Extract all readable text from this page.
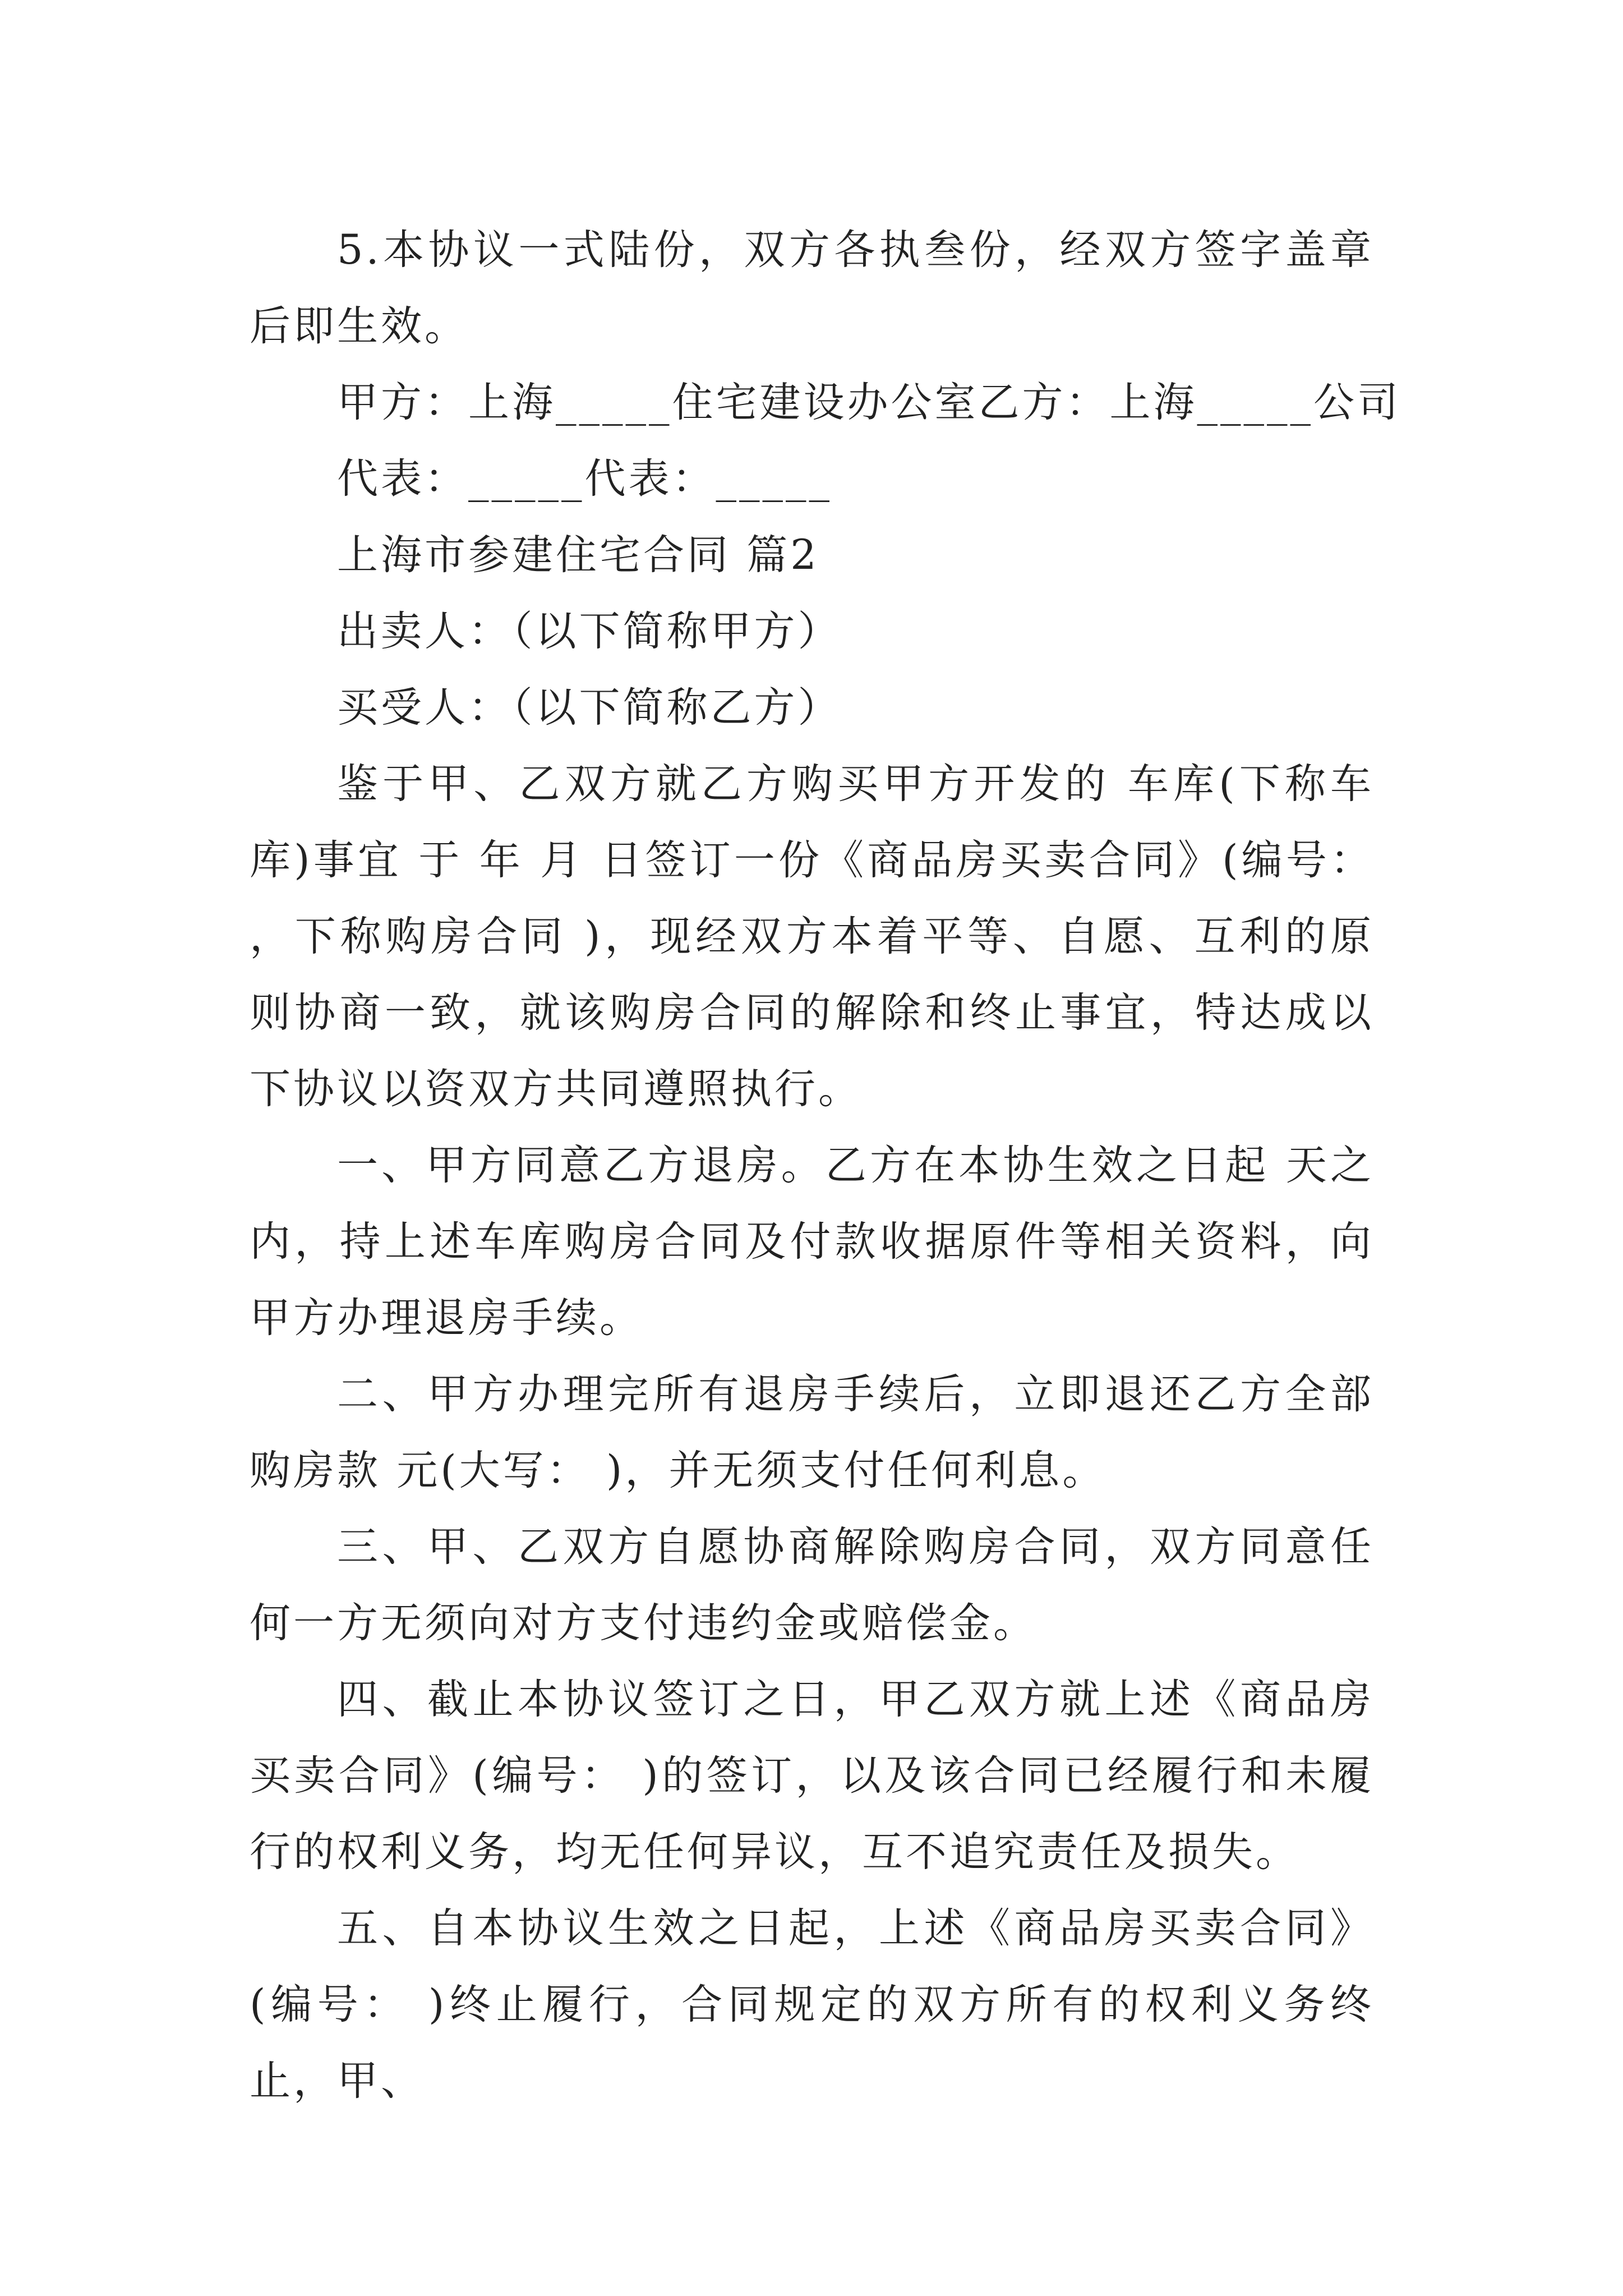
5.本协议一式陆份，双方各执叁份，经双方签字盖章后即生效。

甲方：上海_____住宅建设办公室乙方：上海_____公司

代表：_____代表：_____

上海市参建住宅合同 篇2

出卖人：（以下简称甲方）

买受人：（以下简称乙方）

鉴于甲、乙双方就乙方购买甲方开发的 车库(下称车库)事宜 于 年 月 日签订一份《商品房买卖合同》(编号： ，下称购房合同 )，现经双方本着平等、自愿、互利的原则协商一致，就该购房合同的解除和终止事宜，特达成以下协议以资双方共同遵照执行。

一、甲方同意乙方退房。乙方在本协生效之日起 天之内，持上述车库购房合同及付款收据原件等相关资料，向甲方办理退房手续。

二、甲方办理完所有退房手续后，立即退还乙方全部购房款 元(大写： )，并无须支付任何利息。

三、甲、乙双方自愿协商解除购房合同，双方同意任何一方无须向对方支付违约金或赔偿金。

四、截止本协议签订之日，甲乙双方就上述《商品房买卖合同》(编号： )的签订，以及该合同已经履行和未履行的权利义务，均无任何异议，互不追究责任及损失。

五、自本协议生效之日起，上述《商品房买卖合同》(编号： )终止履行，合同规定的双方所有的权利义务终止，甲、
